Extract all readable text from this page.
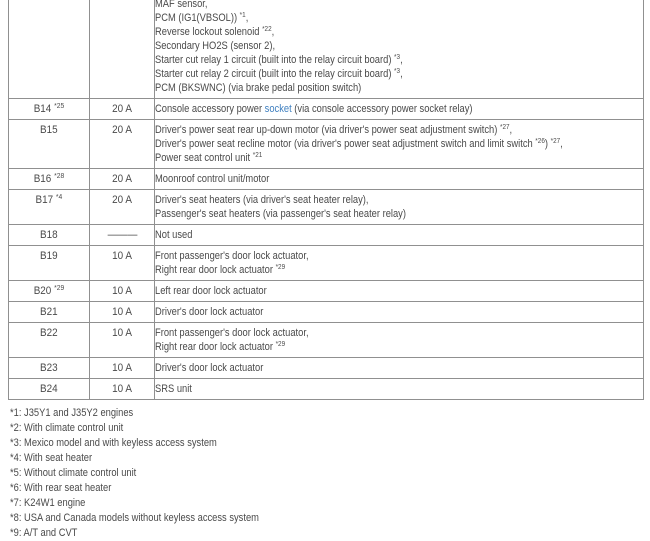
MAF sensor,
PCM (IG1(VBSOL)) $^{*1}$,
Reverse lockout solenoid $^{*22}$,
Secondary HO2S (sensor 2),
Starter cut relay 1 circuit (built into the relay circuit board) $^{*3}$,
Starter cut relay 2 circuit (built into the relay circuit board) $^{*3}$,
PCM (BKSWNC) (via brake pedal position switch)

B14 $^{*25}$	20 A	Console accessory power socket (via console accessory power socket relay)

B15	20 A	Driver's power seat rear up-down motor (via driver's power seat adjustment switch) $^{*27}$,
Driver's power seat recline motor (via driver's power seat adjustment switch and limit switch $^{*26}$) $^{*27}$,
Power seat control unit $^{*21}$

B16 $^{*28}$	20 A	Moonroof control unit/motor

B17 $^{*4}$	20 A	Driver's seat heaters (via driver's seat heater relay),
Passenger's seat heaters (via passenger's seat heater relay)

B18	———	Not used

B19	10 A	Front passenger's door lock actuator,
Right rear door lock actuator $^{*29}$

B20 $^{*29}$	10 A	Left rear door lock actuator

B21	10 A	Driver's door lock actuator

B22	10 A	Front passenger's door lock actuator,
Right rear door lock actuator $^{*29}$

B23	10 A	Driver's door lock actuator

B24	10 A	SRS unit
*1: J35Y1 and J35Y2 engines
*2: With climate control unit
*3: Mexico model and with keyless access system
*4: With seat heater
*5: Without climate control unit
*6: With rear seat heater
*7: K24W1 engine
*8: USA and Canada models without keyless access system
*9: A/T and CVT
